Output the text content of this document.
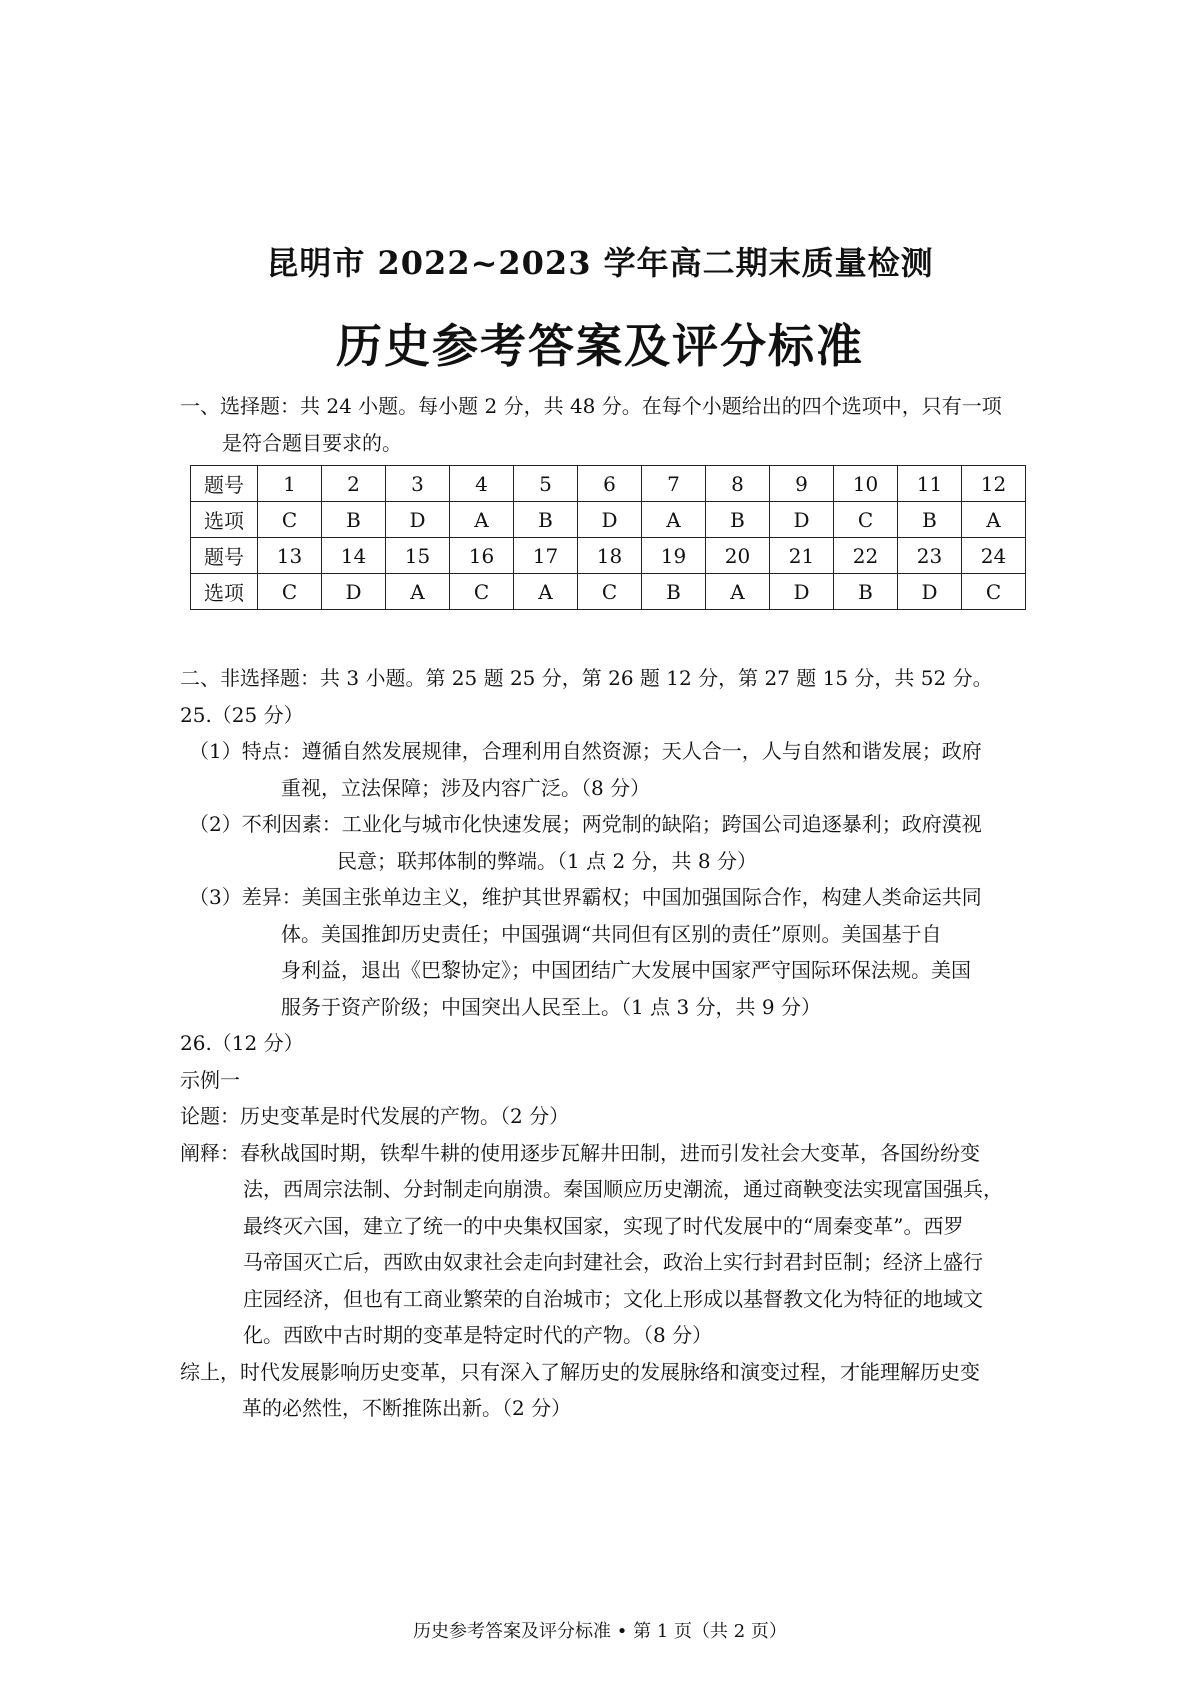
昆明市 2022~2023 学年高二期末质量检测
历史参考答案及评分标准
一、选择题：共 24 小题。每小题 2 分，共 48 分。在每个小题给出的四个选项中，只有一项
是符合题目要求的。
题号	1	2	3	4	5	6	7	8	9	10	11	12
选项	C	B	D	A	B	D	A	B	D	C	B	A
题号	13	14	15	16	17	18	19	20	21	22	23	24
选项	C	D	A	C	A	C	B	A	D	B	D	C
二、非选择题：共 3 小题。第 25 题 25 分，第 26 题 12 分，第 27 题 15 分，共 52 分。
25.（25 分）
（1）特点：遵循自然发展规律，合理利用自然资源；天人合一，人与自然和谐发展；政府
重视，立法保障；涉及内容广泛。（8 分）
（2）不利因素：工业化与城市化快速发展；两党制的缺陷；跨国公司追逐暴利；政府漠视
民意；联邦体制的弊端。（1 点 2 分，共 8 分）
（3）差异：美国主张单边主义，维护其世界霸权；中国加强国际合作，构建人类命运共同
体。美国推卸历史责任；中国强调“共同但有区别的责任”原则。美国基于自
身利益，退出《巴黎协定》；中国团结广大发展中国家严守国际环保法规。美国
服务于资产阶级；中国突出人民至上。（1 点 3 分，共 9 分）
26.（12 分）
示例一
论题：历史变革是时代发展的产物。（2 分）
阐释：春秋战国时期，铁犁牛耕的使用逐步瓦解井田制，进而引发社会大变革，各国纷纷变
法，西周宗法制、分封制走向崩溃。秦国顺应历史潮流，通过商鞅变法实现富国强兵，
最终灭六国，建立了统一的中央集权国家，实现了时代发展中的“周秦变革”。西罗
马帝国灭亡后，西欧由奴隶社会走向封建社会，政治上实行封君封臣制；经济上盛行
庄园经济，但也有工商业繁荣的自治城市；文化上形成以基督教文化为特征的地域文
化。西欧中古时期的变革是特定时代的产物。（8 分）
综上，时代发展影响历史变革，只有深入了解历史的发展脉络和演变过程，才能理解历史变
革的必然性，不断推陈出新。（2 分）
历史参考答案及评分标准 • 第 1 页（共 2 页）
